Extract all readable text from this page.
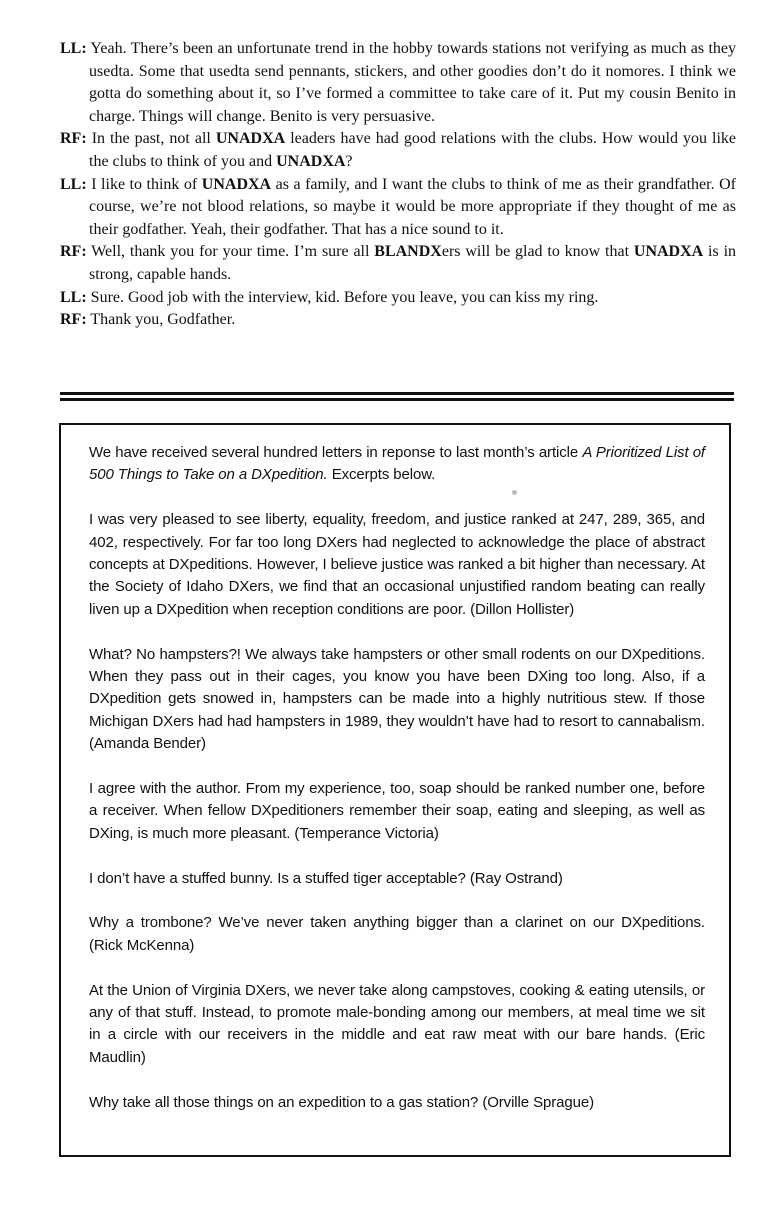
LL: Yeah. There’s been an unfortunate trend in the hobby towards stations not verifying as much as they usedta. Some that usedta send pennants, stickers, and other goodies don’t do it nomores. I think we gotta do something about it, so I’ve formed a committee to take care of it. Put my cousin Benito in charge. Things will change. Benito is very persuasive.

RF: In the past, not all UNADXA leaders have had good relations with the clubs. How would you like the clubs to think of you and UNADXA?

LL: I like to think of UNADXA as a family, and I want the clubs to think of me as their grandfather. Of course, we’re not blood relations, so maybe it would be more appropriate if they thought of me as their godfather. Yeah, their godfather. That has a nice sound to it.

RF: Well, thank you for your time. I’m sure all BLANDXers will be glad to know that UNADXA is in strong, capable hands.

LL: Sure. Good job with the interview, kid. Before you leave, you can kiss my ring.

RF: Thank you, Godfather.

We have received several hundred letters in reponse to last month’s article A Prioritized List of 500 Things to Take on a DXpedition. Excerpts below.

I was very pleased to see liberty, equality, freedom, and justice ranked at 247, 289, 365, and 402, respectively. For far too long DXers had neglected to acknowledge the place of abstract concepts at DXpeditions. However, I believe justice was ranked a bit higher than necessary. At the Society of Idaho DXers, we find that an occasional unjustified random beating can really liven up a DXpedition when reception conditions are poor. (Dillon Hollister)

What? No hampsters?! We always take hampsters or other small rodents on our DXpeditions. When they pass out in their cages, you know you have been DXing too long. Also, if a DXpedition gets snowed in, hampsters can be made into a highly nutritious stew. If those Michigan DXers had had hampsters in 1989, they wouldn’t have had to resort to cannabalism. (Amanda Bender)

I agree with the author. From my experience, too, soap should be ranked number one, before a receiver. When fellow DXpeditioners remember their soap, eating and sleeping, as well as DXing, is much more pleasant. (Temperance Victoria)

I don’t have a stuffed bunny. Is a stuffed tiger acceptable? (Ray Ostrand)

Why a trombone? We’ve never taken anything bigger than a clarinet on our DXpeditions. (Rick McKenna)

At the Union of Virginia DXers, we never take along campstoves, cooking & eating utensils, or any of that stuff. Instead, to promote male-bonding among our members, at meal time we sit in a circle with our receivers in the middle and eat raw meat with our bare hands. (Eric Maudlin)

Why take all those things on an expedition to a gas station? (Orville Sprague)
